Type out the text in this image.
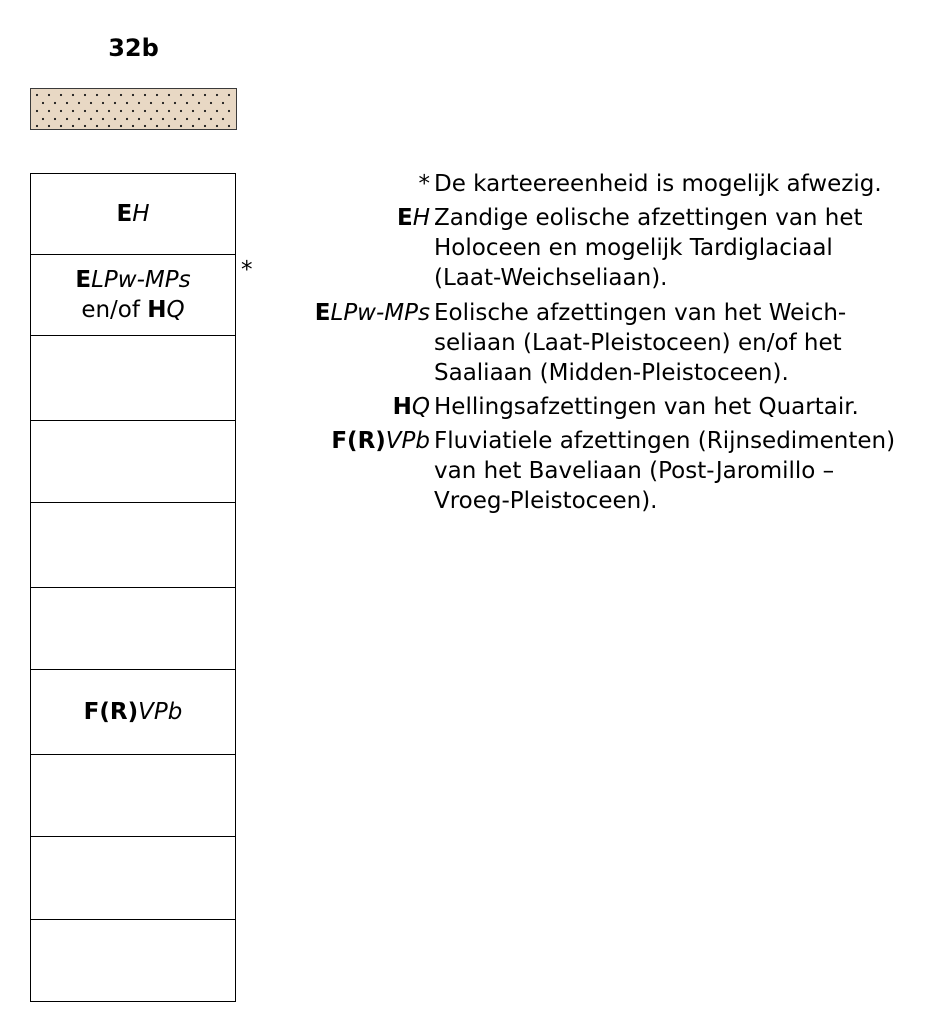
32b
EH
ELPw-MPs
en/of HQ
F(R)VPb
*
* De karteereenheid is mogelijk afwezig.
EH Zandige eolische afzettingen van het
Holoceen en mogelijk Tardiglaciaal
(Laat-Weichseliaan).
ELPw-MPs Eolische afzettingen van het Weich-
seliaan (Laat-Pleistoceen) en/of het
Saaliaan (Midden-Pleistoceen).
HQ Hellingsafzettingen van het Quartair.
F(R)VPb Fluviatiele afzettingen (Rijnsedimenten)
van het Baveliaan (Post-Jaromillo –
Vroeg-Pleistoceen).
